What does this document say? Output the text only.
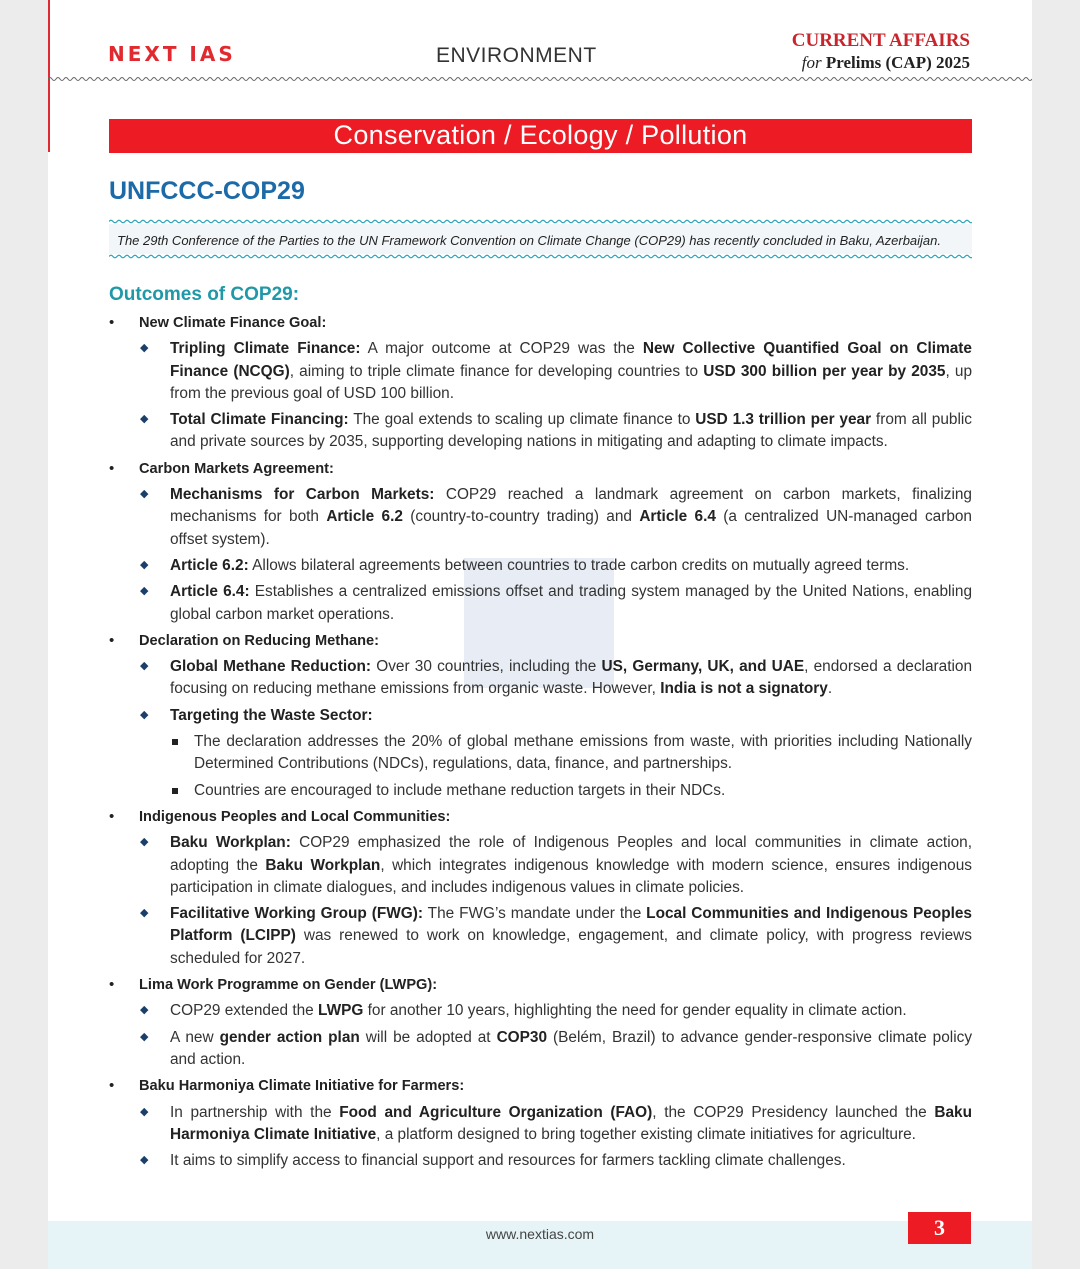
NEXT IAS	ENVIRONMENT
CURRENT AFFAIRS
for Prelims (CAP) 2025
Conservation / Ecology / Pollution
UNFCCC-COP29
The 29th Conference of the Parties to the UN Framework Convention on Climate Change (COP29) has recently concluded in Baku, Azerbaijan.
Outcomes of COP29:
• New Climate Finance Goal:
◆ Tripling Climate Finance: A major outcome at COP29 was the New Collective Quantified Goal on Climate Finance (NCQG), aiming to triple climate finance for developing countries to USD 300 billion per year by 2035, up from the previous goal of USD 100 billion.
◆ Total Climate Financing: The goal extends to scaling up climate finance to USD 1.3 trillion per year from all public and private sources by 2035, supporting developing nations in mitigating and adapting to climate impacts.
• Carbon Markets Agreement:
◆ Mechanisms for Carbon Markets: COP29 reached a landmark agreement on carbon markets, finalizing mechanisms for both Article 6.2 (country-to-country trading) and Article 6.4 (a centralized UN-managed carbon offset system).
◆ Article 6.2: Allows bilateral agreements between countries to trade carbon credits on mutually agreed terms.
◆ Article 6.4: Establishes a centralized emissions offset and trading system managed by the United Nations, enabling global carbon market operations.
• Declaration on Reducing Methane:
◆ Global Methane Reduction: Over 30 countries, including the US, Germany, UK, and UAE, endorsed a declaration focusing on reducing methane emissions from organic waste. However, India is not a signatory.
◆ Targeting the Waste Sector:
The declaration addresses the 20% of global methane emissions from waste, with priorities including Nationally Determined Contributions (NDCs), regulations, data, finance, and partnerships.
Countries are encouraged to include methane reduction targets in their NDCs.
• Indigenous Peoples and Local Communities:
◆ Baku Workplan: COP29 emphasized the role of Indigenous Peoples and local communities in climate action, adopting the Baku Workplan, which integrates indigenous knowledge with modern science, ensures indigenous participation in climate dialogues, and includes indigenous values in climate policies.
◆ Facilitative Working Group (FWG): The FWG’s mandate under the Local Communities and Indigenous Peoples Platform (LCIPP) was renewed to work on knowledge, engagement, and climate policy, with progress reviews scheduled for 2027.
• Lima Work Programme on Gender (LWPG):
◆ COP29 extended the LWPG for another 10 years, highlighting the need for gender equality in climate action.
◆ A new gender action plan will be adopted at COP30 (Belém, Brazil) to advance gender-responsive climate policy and action.
• Baku Harmoniya Climate Initiative for Farmers:
◆ In partnership with the Food and Agriculture Organization (FAO), the COP29 Presidency launched the Baku Harmoniya Climate Initiative, a platform designed to bring together existing climate initiatives for agriculture.
◆ It aims to simplify access to financial support and resources for farmers tackling climate challenges.
www.nextias.com	3
